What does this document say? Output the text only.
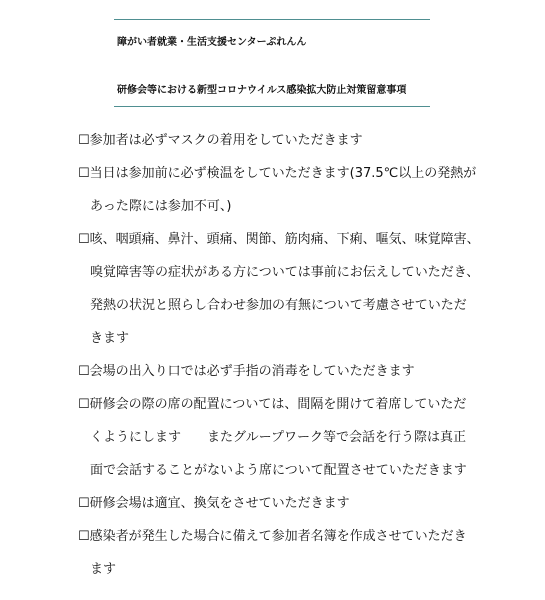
障がい者就業・生活支援センターぷれんん
研修会等における新型コロナウイルス感染拡大防止対策留意事項
☐参加者は必ずマスクの着用をしていただきます
☐当日は参加前に必ず検温をしていただきます(37.5℃以上の発熱が
あった際には参加不可、)
☐咳、咽頭痛、鼻汁、頭痛、関節、筋肉痛、下痢、嘔気、味覚障害、
嗅覚障害等の症状がある方については事前にお伝えしていただき、
発熱の状況と照らし合わせ参加の有無について考慮させていただ
きます
☐会場の出入り口では必ず手指の消毒をしていただきます
☐研修会の際の席の配置については、間隔を開けて着席していただ
くようにします　　またグループワーク等で会話を行う際は真正
面で会話することがないよう席について配置させていただきます
☐研修会場は適宜、換気をさせていただきます
☐感染者が発生した場合に備えて参加者名簿を作成させていただき
ます
